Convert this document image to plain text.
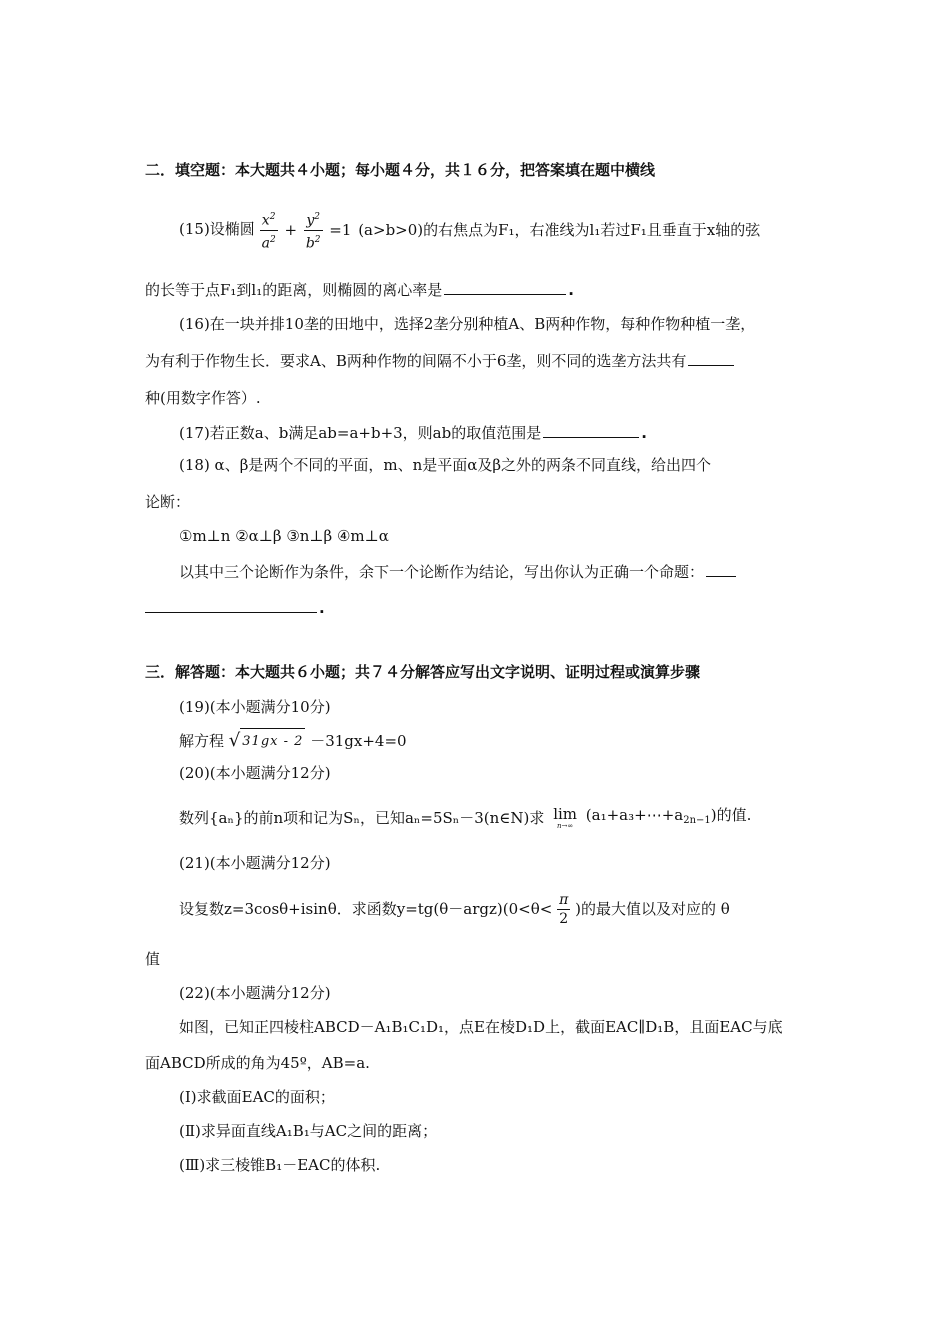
二．填空题：本大题共４小题；每小题４分，共１６分，把答案填在题中横线
(15)设椭圆 $\frac{x^2}{a^2} + \frac{y^2}{b^2} =1$ (a>b>0)的右焦点为F₁，右准线为l₁若过F₁且垂直于x轴的弦
的长等于点F₁到l₁的距离，则椭圆的离心率是	.
(16)在一块并排10垄的田地中，选择2垄分别种植A、B两种作物，每种作物种植一垄，
为有利于作物生长．要求A、B两种作物的间隔不小于6垄，则不同的选垄方法共有
种(用数字作答）.
(17)若正数a、b满足ab=a+b+3，则ab的取值范围是	.
(18) α、β是两个不同的平面，m、n是平面α及β之外的两条不同直线，给出四个
论断：
①m⊥n ②α⊥β ③n⊥β ④m⊥α
以其中三个论断作为条件，余下一个论断作为结论，写出你认为正确一个命题：
.
三．解答题：本大题共６小题；共７４分解答应写出文字说明、证明过程或演算步骤
(19)(本小题满分10分)
解方程 √ 31gx - 2 －31gx+4=0
(20)(本小题满分12分)
数列{aₙ}的前n项和记为Sₙ，已知aₙ=5Sₙ－3(n∈N)求 lim
n→∞
$(a_1+a_3+\cdots+a_{2n-1})$的值.
(21)(本小题满分12分)
设复数z=3cosθ+isinθ．求函数y=tg(θ－argz)(0<θ< $\frac{\pi}{2}$ )的最大值以及对应的 θ
值
(22)(本小题满分12分)
如图，已知正四棱柱ABCD－A₁B₁C₁D₁，点E在棱D₁D上，截面EAC∥D₁B，且面EAC与底
面ABCD所成的角为45º，AB=a.
(Ⅰ)求截面EAC的面积；
(Ⅱ)求异面直线A₁B₁与AC之间的距离；
(Ⅲ)求三棱锥B₁－EAC的体积.
